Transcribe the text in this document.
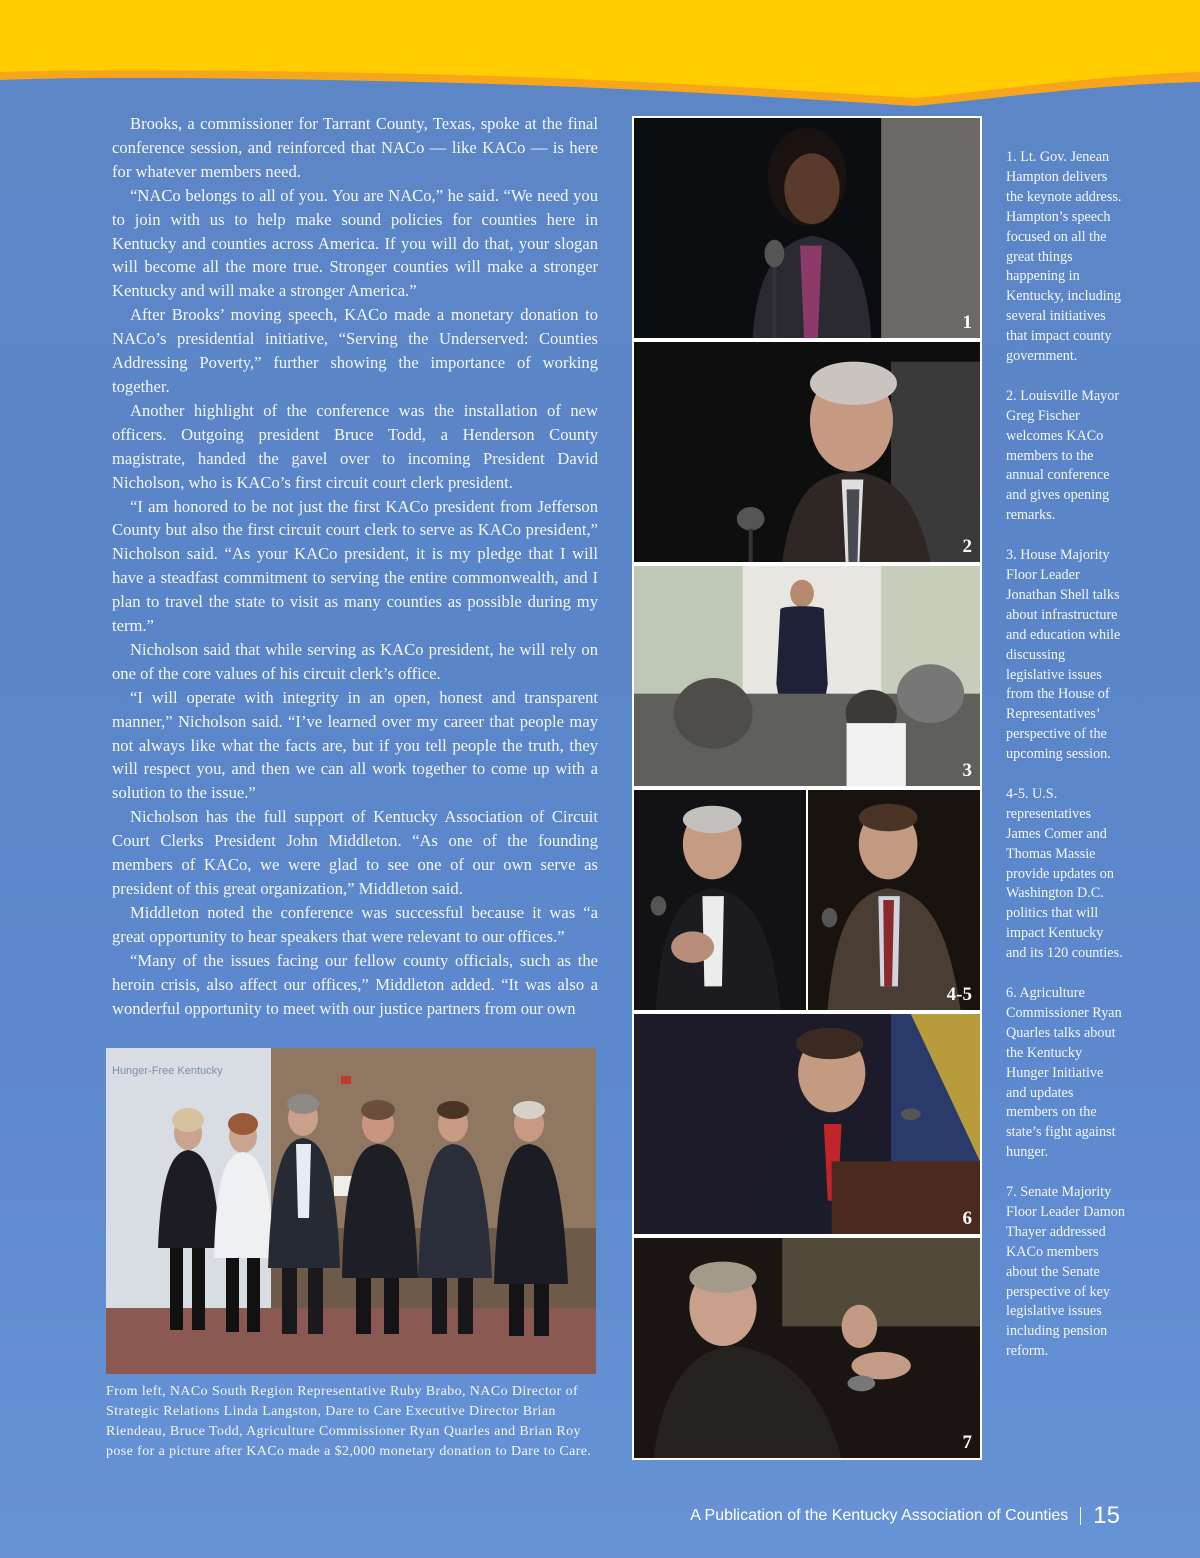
Brooks, a commissioner for Tarrant County, Texas, spoke at the final conference session, and reinforced that NACo — like KACo — is here for whatever members need.

“NACo belongs to all of you. You are NACo,” he said. “We need you to join with us to help make sound policies for counties here in Kentucky and counties across America. If you will do that, your slogan will become all the more true. Stronger counties will make a stronger Kentucky and will make a stronger America.”

After Brooks’ moving speech, KACo made a monetary donation to NACo’s presidential initiative, “Serving the Underserved: Counties Addressing Poverty,” further showing the importance of working together.

Another highlight of the conference was the installation of new officers. Outgoing president Bruce Todd, a Henderson County magistrate, handed the gavel over to incoming President David Nicholson, who is KACo’s first circuit court clerk president.

“I am honored to be not just the first KACo president from Jefferson County but also the first circuit court clerk to serve as KACo president,” Nicholson said. “As your KACo president, it is my pledge that I will have a steadfast commitment to serving the entire commonwealth, and I plan to travel the state to visit as many counties as possible during my term.”

Nicholson said that while serving as KACo president, he will rely on one of the core values of his circuit clerk’s office.

“I will operate with integrity in an open, honest and transparent manner,” Nicholson said. “I’ve learned over my career that people may not always like what the facts are, but if you tell people the truth, they will respect you, and then we can all work together to come up with a solution to the issue.”

Nicholson has the full support of Kentucky Association of Circuit Court Clerks President John Middleton. “As one of the founding members of KACo, we were glad to see one of our own serve as president of this great organization,” Middleton said.

Middleton noted the conference was successful because it was “a great opportunity to hear speakers that were relevant to our offices.”

“Many of the issues facing our fellow county officials, such as the heroin crisis, also affect our offices,” Middleton added. “It was also a wonderful opportunity to meet with our justice partners from our own

1
2
3
4-5
6
7

1. Lt. Gov. Jenean Hampton delivers the keynote address. Hampton’s speech focused on all the great things happening in Kentucky, including several initiatives that impact county government.

2. Louisville Mayor Greg Fischer welcomes KACo members to the annual conference and gives opening remarks.

3. House Majority Floor Leader Jonathan Shell talks about infrastructure and education while discussing legislative issues from the House of Representatives’ perspective of the upcoming session.

4-5. U.S. representatives James Comer and Thomas Massie provide updates on Washington D.C. politics that will impact Kentucky and its 120 counties.

6. Agriculture Commissioner Ryan Quarles talks about the Kentucky Hunger Initiative and updates members on the state’s fight against hunger.

7. Senate Majority Floor Leader Damon Thayer addressed KACo members about the Senate perspective of key legislative issues including pension reform.

Hunger-Free Kentucky
From left, NACo South Region Representative Ruby Brabo, NACo Director of Strategic Relations Linda Langston, Dare to Care Executive Director Brian Riendeau, Bruce Todd, Agriculture Commissioner Ryan Quarles and Brian Roy pose for a picture after KACo made a $2,000 monetary donation to Dare to Care.
A Publication of the Kentucky Association of Counties 15
